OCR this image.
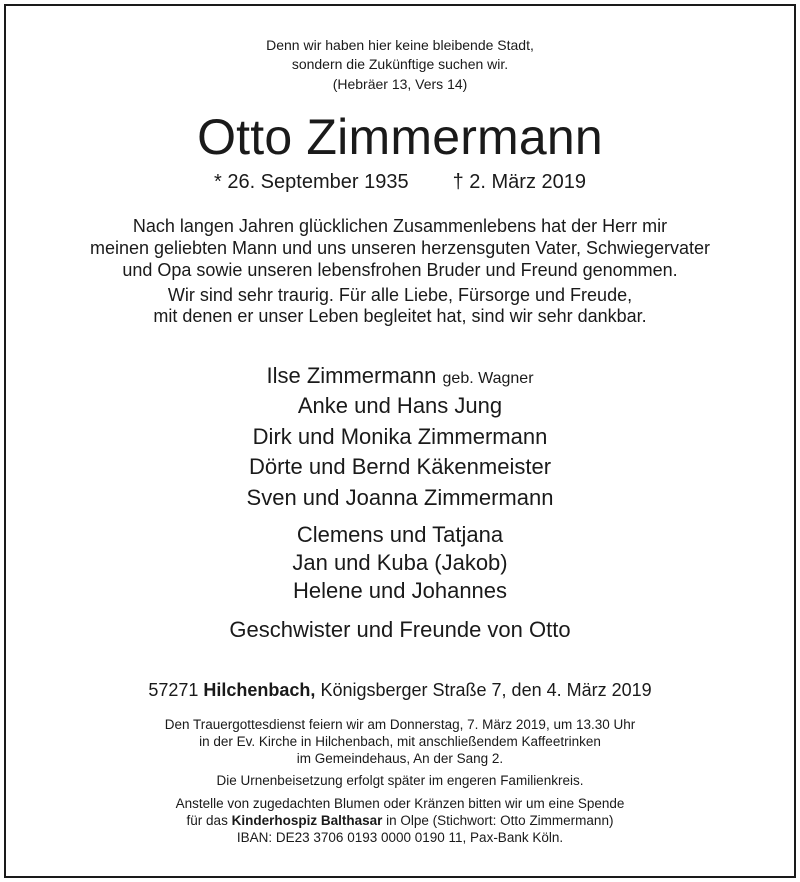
Denn wir haben hier keine bleibende Stadt,
sondern die Zukünftige suchen wir.
(Hebräer 13, Vers 14)
Otto Zimmermann
* 26. September 1935 † 2. März 2019
Nach langen Jahren glücklichen Zusammenlebens hat der Herr mir
meinen geliebten Mann und uns unseren herzensguten Vater, Schwiegervater
und Opa sowie unseren lebensfrohen Bruder und Freund genommen.
Wir sind sehr traurig. Für alle Liebe, Fürsorge und Freude,
mit denen er unser Leben begleitet hat, sind wir sehr dankbar.
Ilse Zimmermann geb. Wagner
Anke und Hans Jung
Dirk und Monika Zimmermann
Dörte und Bernd Käkenmeister
Sven und Joanna Zimmermann
Clemens und Tatjana
Jan und Kuba (Jakob)
Helene und Johannes
Geschwister und Freunde von Otto
57271 Hilchenbach, Königsberger Straße 7, den 4. März 2019
Den Trauergottesdienst feiern wir am Donnerstag, 7. März 2019, um 13.30 Uhr
in der Ev. Kirche in Hilchenbach, mit anschließendem Kaffeetrinken
im Gemeindehaus, An der Sang 2.
Die Urnenbeisetzung erfolgt später im engeren Familienkreis.
Anstelle von zugedachten Blumen oder Kränzen bitten wir um eine Spende
für das Kinderhospiz Balthasar in Olpe (Stichwort: Otto Zimmermann)
IBAN: DE23 3706 0193 0000 0190 11, Pax-Bank Köln.
